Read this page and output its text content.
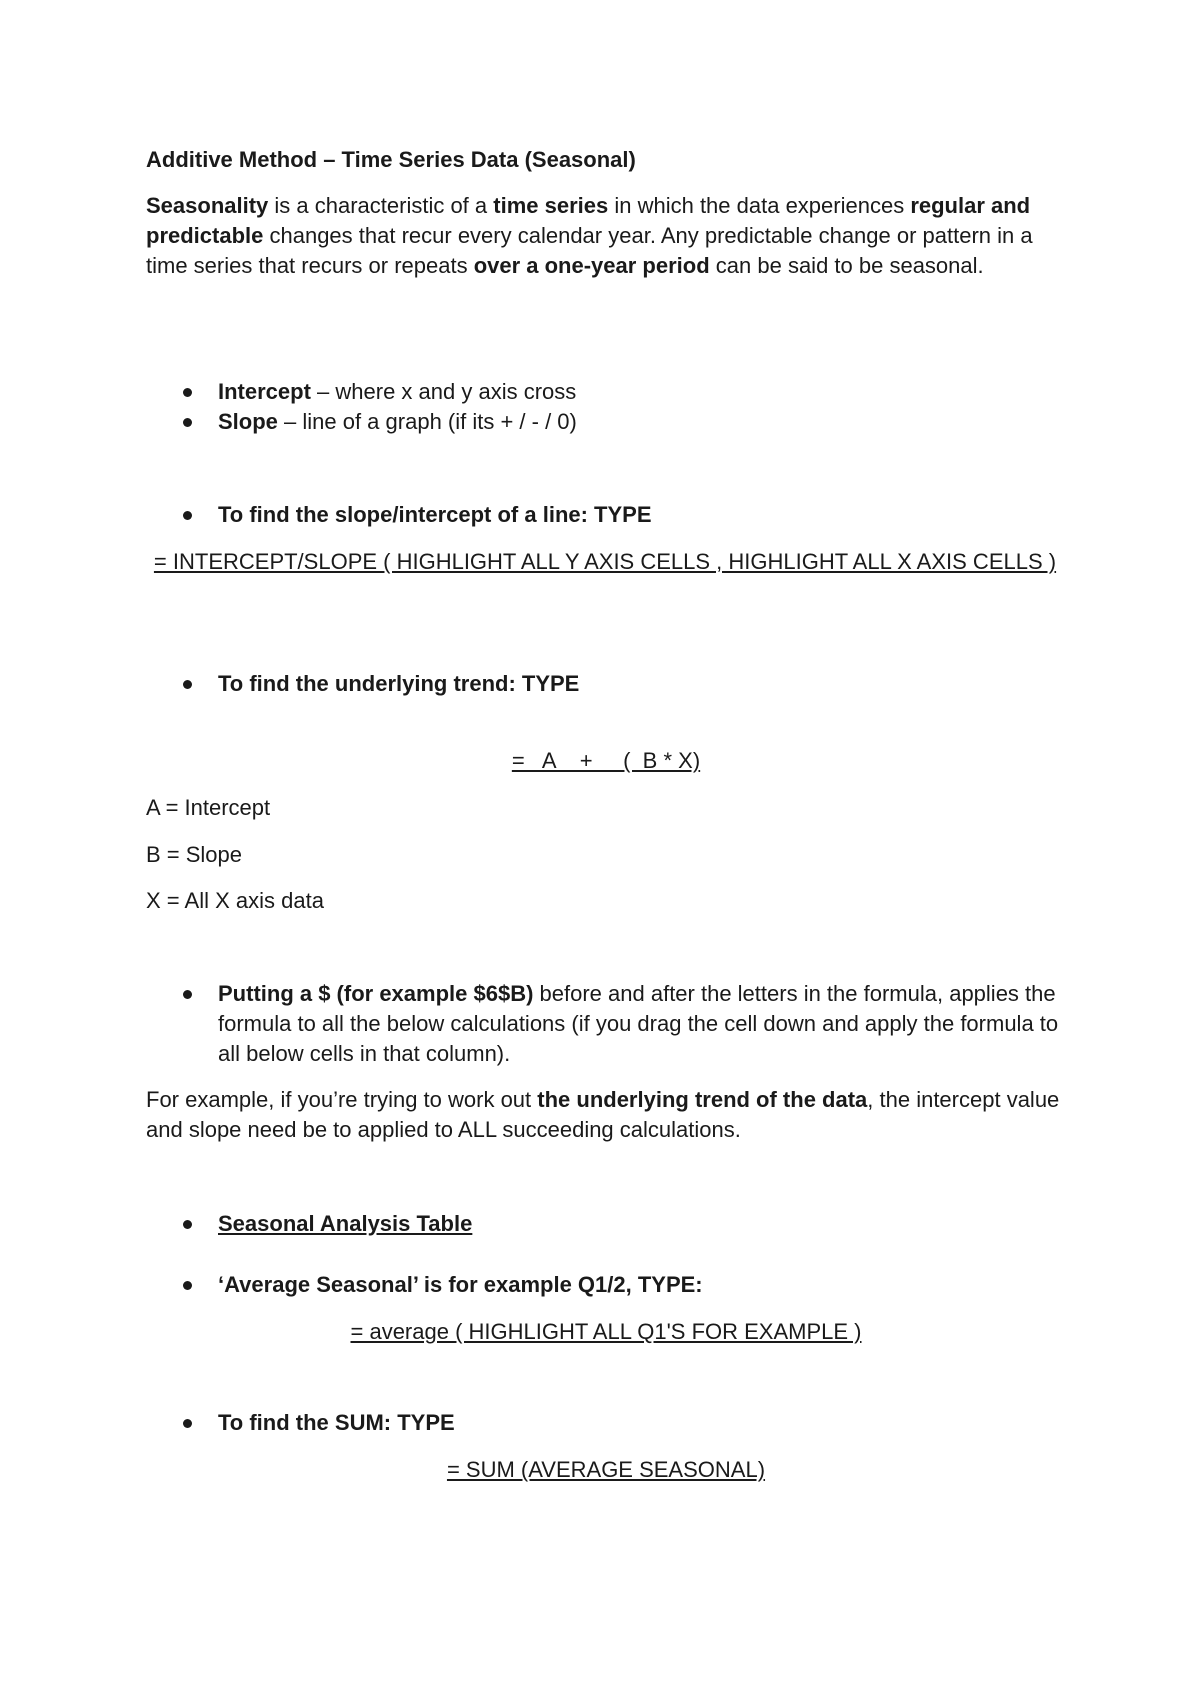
Additive Method – Time Series Data (Seasonal)
Seasonality is a characteristic of a time series in which the data experiences regular and predictable changes that recur every calendar year. Any predictable change or pattern in a time series that recurs or repeats over a one-year period can be said to be seasonal.
Intercept – where x and y axis cross
Slope – line of a graph (if its + / - / 0)
To find the slope/intercept of a line: TYPE
= INTERCEPT/SLOPE ( HIGHLIGHT ALL Y AXIS CELLS , HIGHLIGHT ALL X AXIS CELLS )
To find the underlying trend: TYPE
=   A    +     (  B * X)
A = Intercept
B = Slope
X = All X axis data
Putting a $ (for example $6$B) before and after the letters in the formula, applies the formula to all the below calculations (if you drag the cell down and apply the formula to all below cells in that column).
For example, if you’re trying to work out the underlying trend of the data, the intercept value and slope need be to applied to ALL succeeding calculations.
Seasonal Analysis Table
‘Average Seasonal’ is for example Q1/2, TYPE:
= average ( HIGHLIGHT ALL Q1'S FOR EXAMPLE )
To find the SUM: TYPE
= SUM (AVERAGE SEASONAL)
